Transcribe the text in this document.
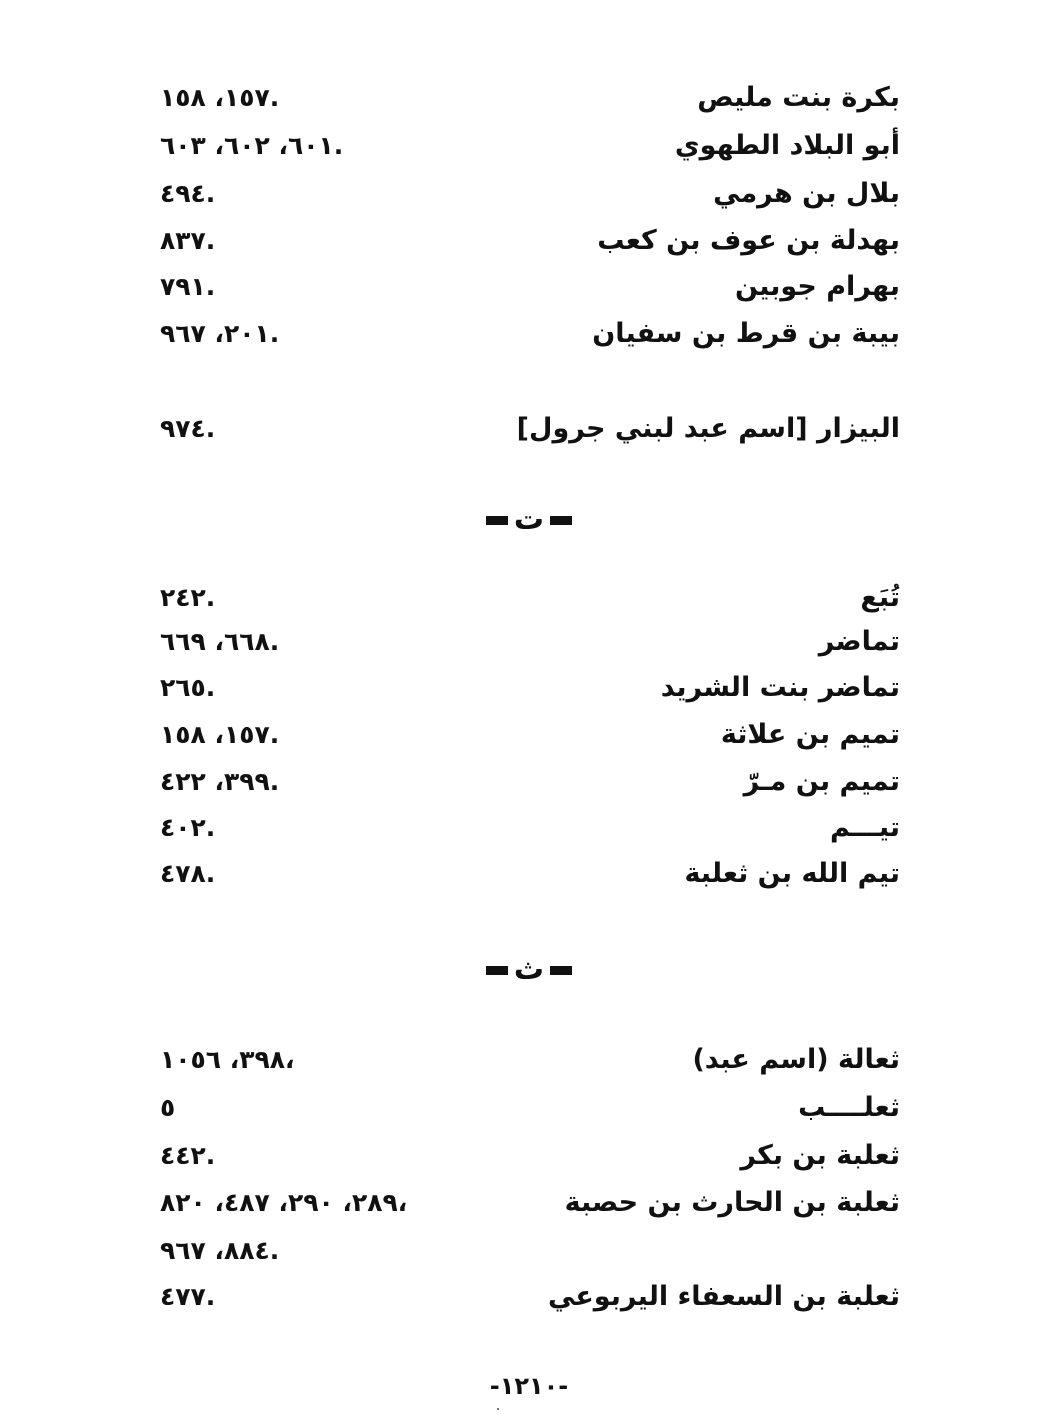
بكرة بنت مليص
١٥٧، ١٥٨.
أبو البلاد الطهوي
٦٠١، ٦٠٢، ٦٠٣.
بلال بن هرمي
٤٩٤.
بهدلة بن عوف بن كعب
٨٣٧.
بهرام جوبين
٧٩١.
بيبة بن قرط بن سفيان
٢٠١، ٩٦٧.
البيزار [اسم عبد لبني جرول]
٩٧٤.
ت
تُبَع
٢٤٢.
تماضر
٦٦٨، ٦٦٩.
تماضر بنت الشريد
٢٦٥.
تميم بن علاثة
١٥٧، ١٥٨.
تميم بن مـرّ
٣٩٩، ٤٢٢.
تيـــم
٤٠٢.
تيم الله بن ثعلبة
٤٧٨.
ث
ثعالة (اسم عبد)
٣٩٨، ١٠٥٦،
ثعلــــب
٥
ثعلبة بن بكر
٤٤٢.
ثعلبة بن الحارث بن حصبة
٢٨٩، ٢٩٠، ٤٨٧، ٨٢٠،
٨٨٤، ٩٦٧.
ثعلبة بن السعفاء اليربوعي
٤٧٧.
-١٢١٠-
